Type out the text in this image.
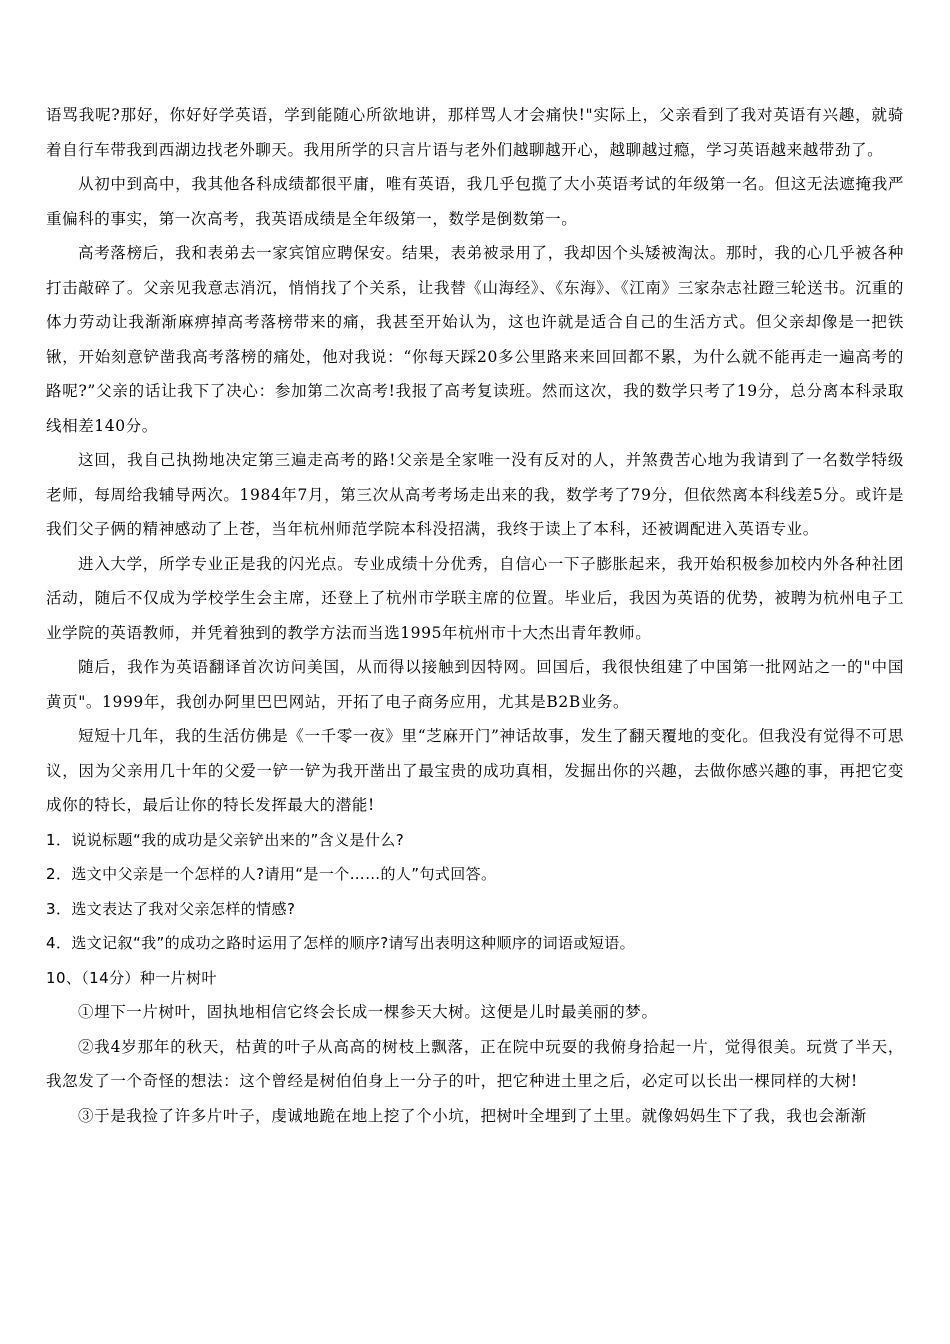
语骂我呢?那好，你好好学英语，学到能随心所欲地讲，那样骂人才会痛快!"实际上，父亲看到了我对英语有兴趣，就骑着自行车带我到西湖边找老外聊天。我用所学的只言片语与老外们越聊越开心，越聊越过瘾，学习英语越来越带劲了。

从初中到高中，我其他各科成绩都很平庸，唯有英语，我几乎包揽了大小英语考试的年级第一名。但这无法遮掩我严重偏科的事实，第一次高考，我英语成绩是全年级第一，数学是倒数第一。

高考落榜后，我和表弟去一家宾馆应聘保安。结果，表弟被录用了，我却因个头矮被淘汰。那时，我的心几乎被各种打击敲碎了。父亲见我意志消沉，悄悄找了个关系，让我替《山海经》、《东海》、《江南》三家杂志社蹬三轮送书。沉重的体力劳动让我渐渐麻痹掉高考落榜带来的痛，我甚至开始认为，这也许就是适合自己的生活方式。但父亲却像是一把铁锹，开始刻意铲凿我高考落榜的痛处，他对我说：“你每天踩20多公里路来来回回都不累，为什么就不能再走一遍高考的路呢?”父亲的话让我下了决心：参加第二次高考!我报了高考复读班。然而这次，我的数学只考了19分，总分离本科录取线相差140分。

这回，我自己执拗地决定第三遍走高考的路!父亲是全家唯一没有反对的人，并煞费苦心地为我请到了一名数学特级老师，每周给我辅导两次。1984年7月，第三次从高考考场走出来的我，数学考了79分，但依然离本科线差5分。或许是我们父子俩的精神感动了上苍，当年杭州师范学院本科没招满，我终于读上了本科，还被调配进入英语专业。

进入大学，所学专业正是我的闪光点。专业成绩十分优秀，自信心一下子膨胀起来，我开始积极参加校内外各种社团活动，随后不仅成为学校学生会主席，还登上了杭州市学联主席的位置。毕业后，我因为英语的优势，被聘为杭州电子工业学院的英语教师，并凭着独到的教学方法而当选1995年杭州市十大杰出青年教师。

随后，我作为英语翻译首次访问美国，从而得以接触到因特网。回国后，我很快组建了中国第一批网站之一的"中国黄页"。1999年，我创办阿里巴巴网站，开拓了电子商务应用，尤其是B2B业务。

短短十几年，我的生活仿佛是《一千零一夜》里“芝麻开门”神话故事，发生了翻天覆地的变化。但我没有觉得不可思议，因为父亲用几十年的父爱一铲一铲为我开凿出了最宝贵的成功真相，发掘出你的兴趣，去做你感兴趣的事，再把它变成你的特长，最后让你的特长发挥最大的潜能!

1．说说标题“我的成功是父亲铲出来的”含义是什么?

2．选文中父亲是一个怎样的人?请用“是一个……的人”句式回答。

3．选文表达了我对父亲怎样的情感?

4．选文记叙“我”的成功之路时运用了怎样的顺序?请写出表明这种顺序的词语或短语。

10、（14分）种一片树叶

①埋下一片树叶，固执地相信它终会长成一棵参天大树。这便是儿时最美丽的梦。

②我4岁那年的秋天，枯黄的叶子从高高的树枝上飘落，正在院中玩耍的我俯身拾起一片，觉得很美。玩赏了半天，我忽发了一个奇怪的想法：这个曾经是树伯伯身上一分子的叶，把它种进土里之后，必定可以长出一棵同样的大树!

③于是我捡了许多片叶子，虔诚地跪在地上挖了个小坑，把树叶全埋到了土里。就像妈妈生下了我，我也会渐渐
